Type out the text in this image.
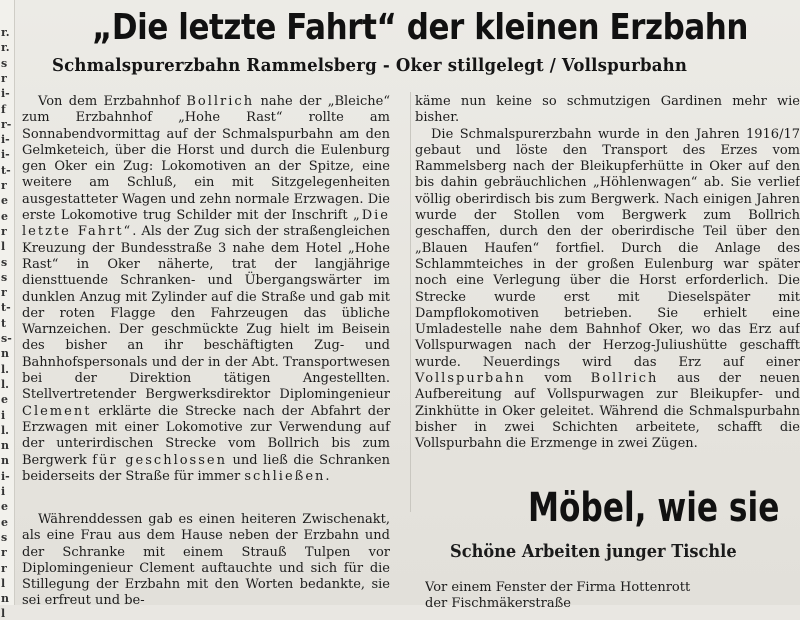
r.
r.
s
r
i-
f
r-
i-
i-
t-
r
e
e
r
l
s
s
r
t-
t
s-
n
l.
l.
e
i
l.
n
n
i-
i
e
e
s
r
r
l
n
l
„Die letzte Fahrt“ der kleinen Erzbahn
Schmalspurerzbahn Rammelsberg ‑ Oker stillgelegt / Vollspurbahn

Von dem Erzbahnhof Bollrich nahe der „Bleiche“ zum Erzbahnhof „Hohe Rast“ rollte am Sonnabendvormittag auf der Schmalspurbahn am den Gelmketeich, über die Horst und durch die Eulenburg gen Oker ein Zug: Lokomotiven an der Spitze, eine weitere am Schluß, ein mit Sitzgelegenheiten ausgestatteter Wagen und zehn normale Erzwagen. Die erste Lokomotive trug Schilder mit der Inschrift „Die letzte Fahrt“. Als der Zug sich der straßengleichen Kreuzung der Bundesstraße 3 nahe dem Hotel „Hohe Rast“ in Oker näherte, trat der langjährige diensttuende Schranken- und Übergangswärter im dunklen Anzug mit Zylinder auf die Straße und gab mit der roten Flagge den Fahrzeugen das übliche Warnzeichen. Der geschmückte Zug hielt im Beisein des bisher an ihr beschäftigten Zug- und Bahnhofspersonals und der in der Abt. Transportwesen bei der Direktion tätigen Angestellten. Stellvertretender Bergwerksdirektor Diplomingenieur Clement erklärte die Strecke nach der Abfahrt der Erzwagen mit einer Lokomotive zur Verwendung auf der unterirdischen Strecke vom Bollrich bis zum Bergwerk für geschlossen und ließ die Schranken beiderseits der Straße für immer schließen.

Währenddessen gab es einen heiteren Zwischenakt, als eine Frau aus dem Hause neben der Erzbahn und der Schranke mit einem Strauß Tulpen vor Diplomingenieur Clement auftauchte und sich für die Stillegung der Erzbahn mit den Worten bedankte, sie sei erfreut und be-

käme nun keine so schmutzigen Gardinen mehr wie bisher.

Die Schmalspurerzbahn wurde in den Jahren 1916/17 gebaut und löste den Transport des Erzes vom Rammelsberg nach der Bleikupferhütte in Oker auf den bis dahin gebräuchlichen „Höhlenwagen“ ab. Sie verlief völlig oberirdisch bis zum Bergwerk. Nach einigen Jahren wurde der Stollen vom Bergwerk zum Bollrich geschaffen, durch den der oberirdische Teil über den „Blauen Haufen“ fortfiel. Durch die Anlage des Schlammteiches in der großen Eulenburg war später noch eine Verlegung über die Horst erforderlich. Die Strecke wurde erst mit Dieselspäter mit Dampflokomotiven betrieben. Sie erhielt eine Umladestelle nahe dem Bahnhof Oker, wo das Erz auf Vollspurwagen nach der Herzog-Juliushütte geschafft wurde. Neuerdings wird das Erz auf einer Vollspurbahn vom Bollrich aus der neuen Aufbereitung auf Vollspurwagen zur Bleikupfer- und Zinkhütte in Oker geleitet. Während die Schmalspurbahn bisher in zwei Schichten arbeitete, schafft die Vollspurbahn die Erzmenge in zwei Zügen.

Möbel, wie sie
Schöne Arbeiten junger Tischle
Vor einem Fenster der Firma Hottenrott
der Fischmäkerstraße
